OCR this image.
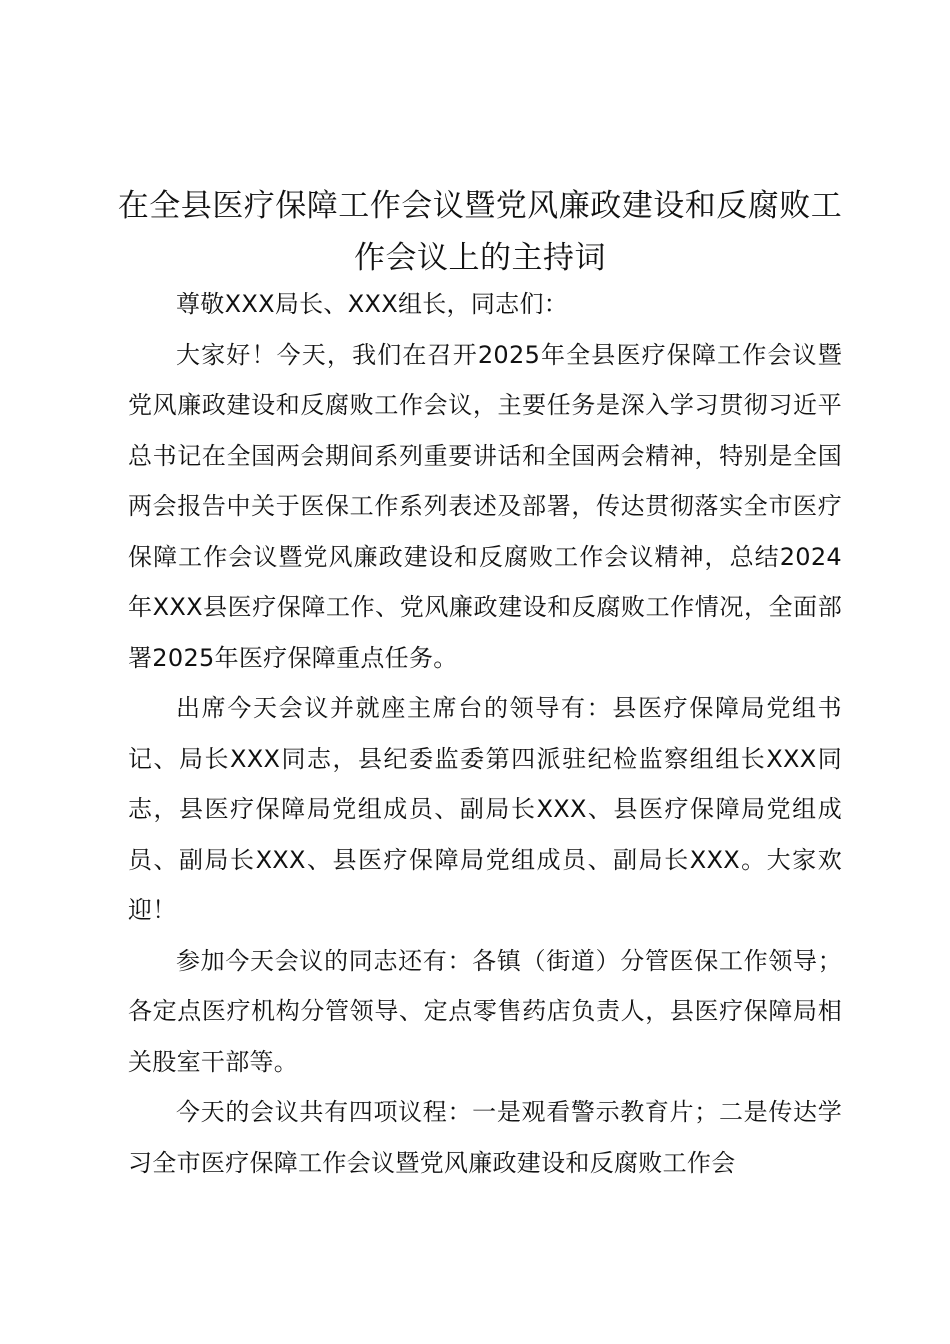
在全县医疗保障工作会议暨党风廉政建设和反腐败工作会议上的主持词

尊敬XXX局长、XXX组长，同志们：

大家好！今天，我们在召开2025年全县医疗保障工作会议暨党风廉政建设和反腐败工作会议，主要任务是深入学习贯彻习近平总书记在全国两会期间系列重要讲话和全国两会精神，特别是全国两会报告中关于医保工作系列表述及部署，传达贯彻落实全市医疗保障工作会议暨党风廉政建设和反腐败工作会议精神，总结2024年XXX县医疗保障工作、党风廉政建设和反腐败工作情况，全面部署2025年医疗保障重点任务。

出席今天会议并就座主席台的领导有：县医疗保障局党组书记、局长XXX同志，县纪委监委第四派驻纪检监察组组长XXX同志，县医疗保障局党组成员、副局长XXX、县医疗保障局党组成员、副局长XXX、县医疗保障局党组成员、副局长XXX。大家欢迎！

参加今天会议的同志还有：各镇（街道）分管医保工作领导；各定点医疗机构分管领导、定点零售药店负责人，县医疗保障局相关股室干部等。

今天的会议共有四项议程：一是观看警示教育片；二是传达学习全市医疗保障工作会议暨党风廉政建设和反腐败工作会
